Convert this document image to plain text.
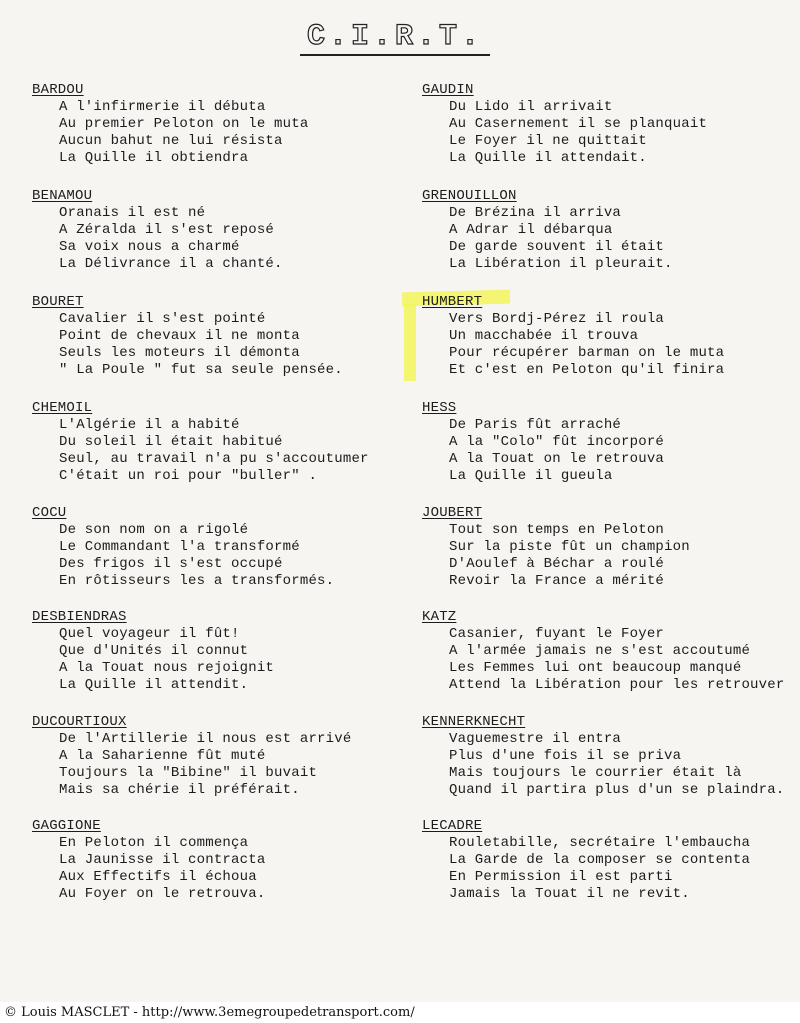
C.I.R.T.
BARDOU
A l'infirmerie il débuta
Au premier Peloton on le muta
Aucun bahut ne lui résista
La Quille il obtiendra
BENAMOU
Oranais il est né
A Zéralda il s'est reposé
Sa voix nous a charmé
La Délivrance il a chanté.
BOURET
Cavalier il s'est pointé
Point de chevaux il ne monta
Seuls les moteurs il démonta
" La Poule " fut sa seule pensée.
CHEMOIL
L'Algérie il a habité
Du soleil il était habitué
Seul, au travail n'a pu s'accoutumer
C'était un roi pour "buller" .
COCU
De son nom on a rigolé
Le Commandant l'a transformé
Des frigos il s'est occupé
En rôtisseurs les a transformés.
DESBIENDRAS
Quel voyageur il fût!
Que d'Unités il connut
A la Touat nous rejoignit
La Quille il attendit.
DUCOURTIOUX
De l'Artillerie il nous est arrivé
A la Saharienne fût muté
Toujours la "Bibine" il buvait
Mais sa chérie il préférait.
GAGGIONE
En Peloton il commença
La Jaunisse il contracta
Aux Effectifs il échoua
Au Foyer on le retrouva.
GAUDIN
Du Lido il arrivait
Au Casernement il se planquait
Le Foyer il ne quittait
La Quille il attendait.
GRENOUILLON
De Brézina il arriva
A Adrar il débarqua
De garde souvent il était
La Libération il pleurait.
HUMBERT
Vers Bordj-Pérez il roula
Un macchabée il trouva
Pour récupérer barman on le muta
Et c'est en Peloton qu'il finira
HESS
De Paris fût arraché
A la "Colo" fût incorporé
A la Touat on le retrouva
La Quille il gueula
JOUBERT
Tout son temps en Peloton
Sur la piste fût un champion
D'Aoulef à Béchar a roulé
Revoir la France a mérité
KATZ
Casanier, fuyant le Foyer
A l'armée jamais ne s'est accoutumé
Les Femmes lui ont beaucoup manqué
Attend la Libération pour les retrouver
KENNERKNECHT
Vaguemestre il entra
Plus d'une fois il se priva
Mais toujours le courrier était là
Quand il partira plus d'un se plaindra.
LECADRE
Rouletabille, secrétaire l'embaucha
La Garde de la composer se contenta
En Permission il est parti
Jamais la Touat il ne revit.
© Louis MASCLET - http://www.3emegroupedetransport.com/
